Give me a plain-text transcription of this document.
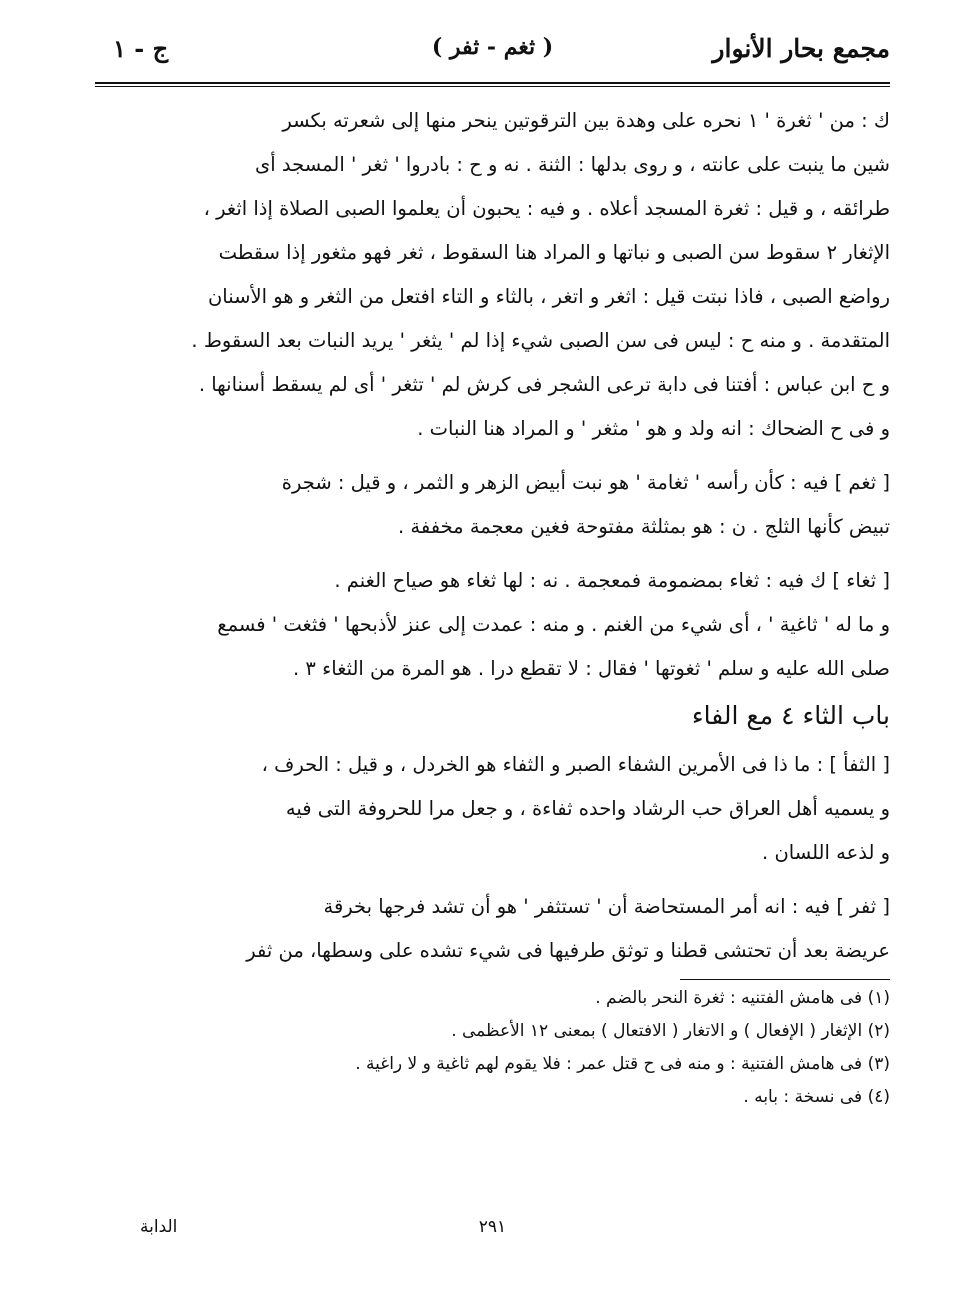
مجمع بحار الأنوار
( ثغم - ثفر )
ج - ١

ك : من ' ثغرة ' ١ نحره على وهدة بين الترقوتين ينحر منها إلى شعرته بكسر
شين ما ينبت على عانته ، و روى بدلها : الثنة . نه و ح : بادروا ' ثغر ' المسجد أى
طرائقه ، و قيل : ثغرة المسجد أعلاه . و فيه : يحبون أن يعلموا الصبى الصلاة إذا اثغر ،
الإثغار ٢ سقوط سن الصبى و نباتها و المراد هنا السقوط ، ثغر فهو مثغور إذا سقطت
رواضع الصبى ، فاذا نبتت قيل : اثغر و اتغر ، بالثاء و التاء افتعل من الثغر و هو الأسنان
المتقدمة . و منه ح : ليس فى سن الصبى شيء إذا لم ' يثغر ' يريد النبات بعد السقوط .
و ح ابن عباس : أفتنا فى دابة ترعى الشجر فى كرش لم ' تثغر ' أى لم يسقط أسنانها .
و فى ح الضحاك : انه ولد و هو ' مثغر ' و المراد هنا النبات .

[ ثغم ] فيه : كأن رأسه ' ثغامة ' هو نبت أبيض الزهر و الثمر ، و قيل : شجرة
تبيض كأنها الثلج . ن : هو بمثلثة مفتوحة فغين معجمة مخففة .

[ ثغاء ] ك فيه : ثغاء بمضمومة فمعجمة . نه : لها ثغاء هو صياح الغنم .
و ما له ' ثاغية ' ، أى شيء من الغنم . و منه : عمدت إلى عنز لأذبحها ' فثغت ' فسمع
صلى الله عليه و سلم ' ثغوتها ' فقال : لا تقطع درا . هو المرة من الثغاء ٣ .

باب الثاء ٤ مع الفاء

[ الثفأ ] : ما ذا فى الأمرين الشفاء الصبر و الثفاء هو الخردل ، و قيل : الحرف ،
و يسميه أهل العراق حب الرشاد واحده ثفاءة ، و جعل مرا للحروفة التى فيه
و لذعه اللسان .

[ ثفر ] فيه : انه أمر المستحاضة أن ' تستثفر ' هو أن تشد فرجها بخرقة
عريضة بعد أن تحتشى قطنا و توثق طرفيها فى شيء تشده على وسطها، من ثفر

(١) فى هامش الفتنيه : ثغرة النحر بالضم .

(٢) الإثغار ( الإفعال ) و الاتغار ( الافتعال ) بمعنى ١٢ الأعظمى .

(٣) فى هامش الفتنية : و منه فى ح قتل عمر : فلا يقوم لهم ثاغية و لا راغية .

(٤) فى نسخة : بابه .

٢٩١
الدابة
